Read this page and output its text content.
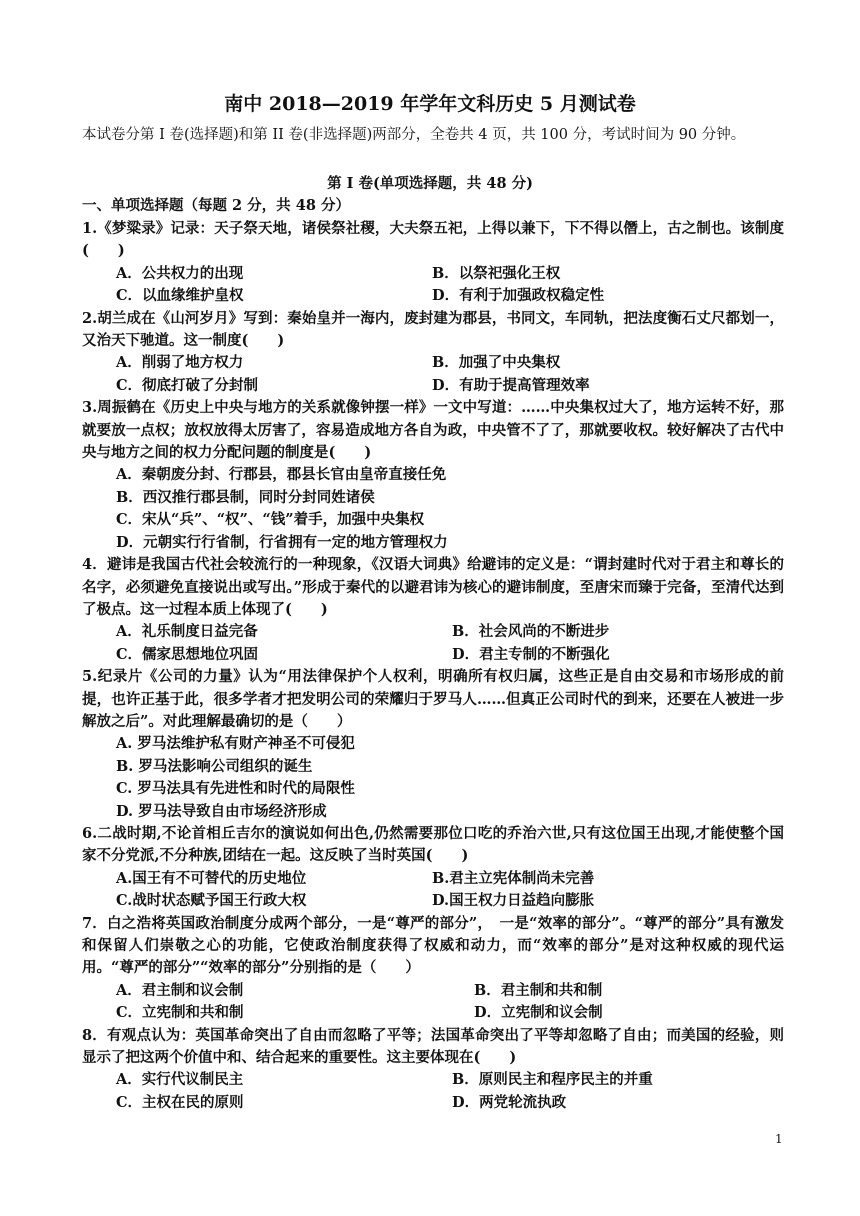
南中 2018—2019 年学年文科历史 5 月测试卷
本试卷分第 I 卷(选择题)和第 II 卷(非选择题)两部分，全卷共 4 页，共 100 分，考试时间为 90 分钟。
第 I 卷(单项选择题，共 48 分)
一、单项选择题（每题 2 分，共 48 分）

1.《梦粱录》记录：天子祭天地，诸侯祭社稷，大夫祭五祀，上得以兼下，下不得以僭上，古之制也。该制度(　　)

A．公共权力的出现	B．以祭祀强化王权
C．以血缘维护皇权	D．有利于加强政权稳定性

2.胡兰成在《山河岁月》写到：秦始皇并一海内，废封建为郡县，书同文，车同轨，把法度衡石丈尺都划一，又治天下驰道。这一制度(　　)

A．削弱了地方权力	B．加强了中央集权
C．彻底打破了分封制	D．有助于提高管理效率

3.周振鹤在《历史上中央与地方的关系就像钟摆一样》一文中写道：……中央集权过大了，地方运转不好，那就要放一点权；放权放得太厉害了，容易造成地方各自为政，中央管不了了，那就要收权。较好解决了古代中央与地方之间的权力分配问题的制度是(　　)

A．秦朝废分封、行郡县，郡县长官由皇帝直接任免

B．西汉推行郡县制，同时分封同姓诸侯

C．宋从“兵”、“权”、“钱”着手，加强中央集权

D．元朝实行行省制，行省拥有一定的地方管理权力

4．避讳是我国古代社会较流行的一种现象，《汉语大词典》给避讳的定义是：“谓封建时代对于君主和尊长的名字，必须避免直接说出或写出。”形成于秦代的以避君讳为核心的避讳制度，至唐宋而臻于完备，至清代达到了极点。这一过程本质上体现了(　　)

A．礼乐制度日益完备	B．社会风尚的不断进步
C．儒家思想地位巩固	D．君主专制的不断强化

5.纪录片《公司的力量》认为“用法律保护个人权利，明确所有权归属，这些正是自由交易和市场形成的前提，也许正基于此，很多学者才把发明公司的荣耀归于罗马人……但真正公司时代的到来，还要在人被进一步解放之后”。对此理解最确切的是（　　）

A. 罗马法维护私有财产神圣不可侵犯

B. 罗马法影响公司组织的诞生

C. 罗马法具有先进性和时代的局限性

D. 罗马法导致自由市场经济形成

6.二战时期,不论首相丘吉尔的演说如何出色,仍然需要那位口吃的乔治六世,只有这位国王出现,才能使整个国家不分党派,不分种族,团结在一起。这反映了当时英国(　　)

A.国王有不可替代的历史地位	B.君主立宪体制尚未完善
C.战时状态赋予国王行政大权	D.国王权力日益趋向膨胀

7．白之浩将英国政治制度分成两个部分，一是“尊严的部分”，　一是“效率的部分”。“尊严的部分”具有激发和保留人们崇敬之心的功能，它使政治制度获得了权威和动力，而“效率的部分”是对这种权威的现代运用。“尊严的部分”“效率的部分”分别指的是（　　）

A．君主制和议会制	B．君主制和共和制
C．立宪制和共和制	D．立宪制和议会制

8．有观点认为：英国革命突出了自由而忽略了平等；法国革命突出了平等却忽略了自由；而美国的经验，则显示了把这两个价值中和、结合起来的重要性。这主要体现在(　　)

A．实行代议制民主	B．原则民主和程序民主的并重
C．主权在民的原则	D．两党轮流执政
1
